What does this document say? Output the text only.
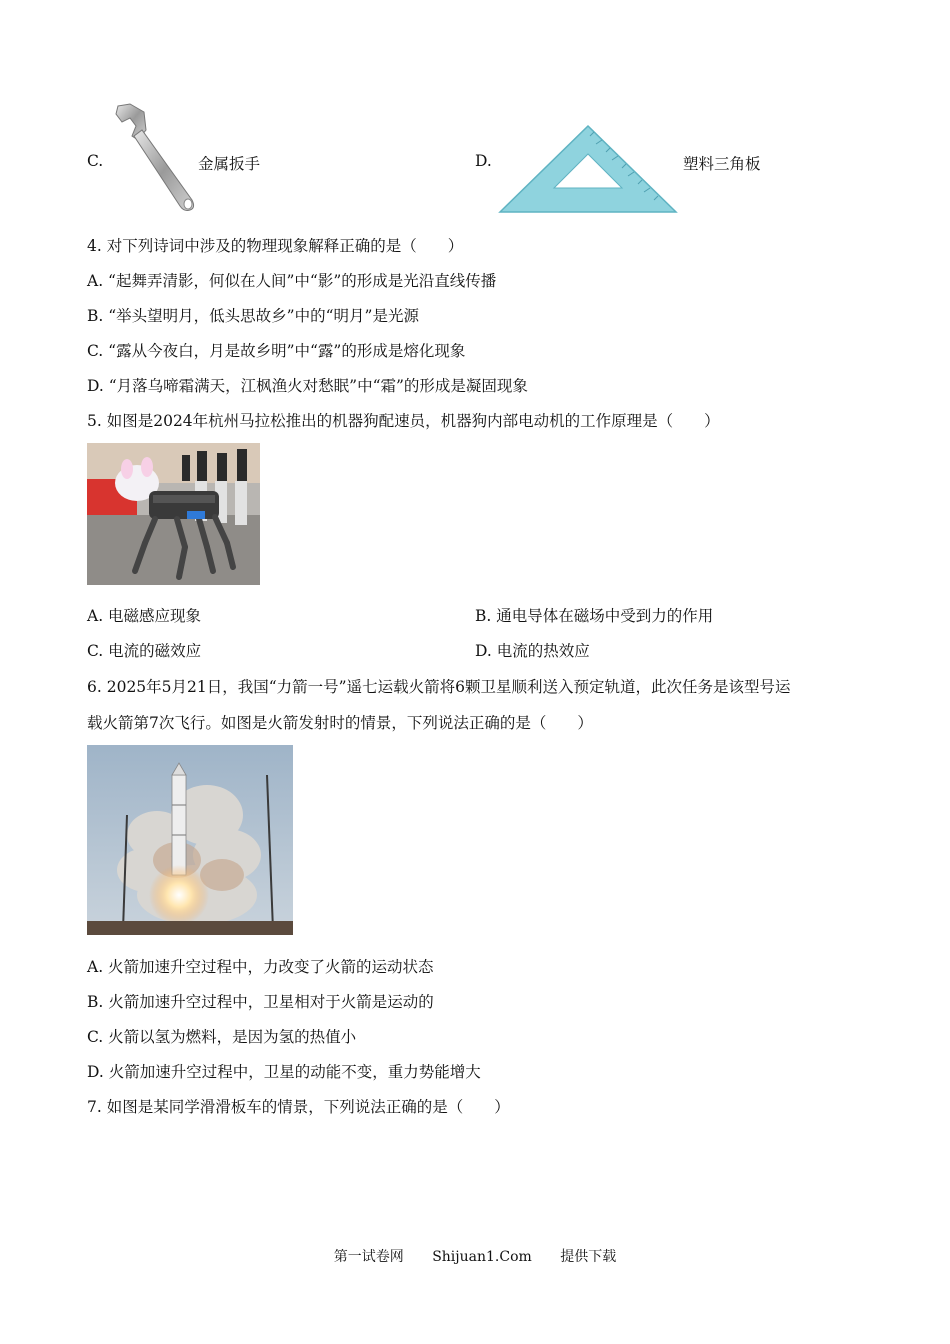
C.	金属扳手	D.	塑料三角板
4. 对下列诗词中涉及的物理现象解释正确的是（　　）
A. “起舞弄清影，何似在人间”中“影”的形成是光沿直线传播
B. “举头望明月，低头思故乡”中的“明月”是光源
C. “露从今夜白，月是故乡明”中“露”的形成是熔化现象
D. “月落乌啼霜满天，江枫渔火对愁眠”中“霜”的形成是凝固现象
5. 如图是2024年杭州马拉松推出的机器狗配速员，机器狗内部电动机的工作原理是（　　）
A. 电磁感应现象	B. 通电导体在磁场中受到力的作用
C. 电流的磁效应	D. 电流的热效应
6. 2025年5月21日，我国“力箭一号”遥七运载火箭将6颗卫星顺利送入预定轨道，此次任务是该型号运
载火箭第7次飞行。如图是火箭发射时的情景，下列说法正确的是（　　）
A. 火箭加速升空过程中，力改变了火箭的运动状态
B. 火箭加速升空过程中，卫星相对于火箭是运动的
C. 火箭以氢为燃料，是因为氢的热值小
D. 火箭加速升空过程中，卫星的动能不变，重力势能增大
7. 如图是某同学滑滑板车的情景，下列说法正确的是（　　）
第一试卷网 Shijuan1.Com 提供下载
